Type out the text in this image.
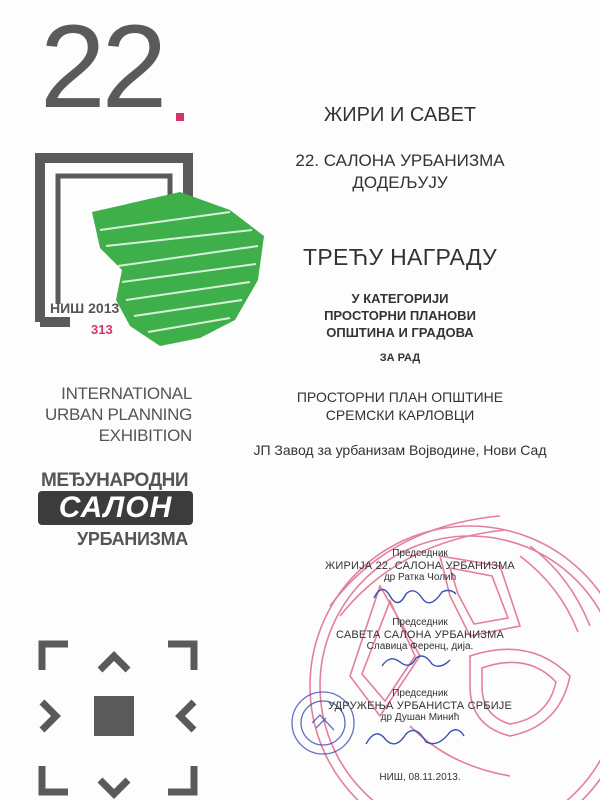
22
НИШ 2013
313
INTERNATIONAL
URBAN PLANNING
EXHIBITION
МЕЂУНАРОДНИ
САЛОН
УРБАНИЗМА
ЖИРИ И САВЕТ
22. САЛОНА УРБАНИЗМА
ДОДЕЉУЈУ
ТРЕЋУ НАГРАДУ
У КАТЕГОРИЈИ
ПРОСТОРНИ ПЛАНОВИ
ОПШТИНА И ГРАДОВА
ЗА РАД
ПРОСТОРНИ ПЛАН ОПШТИНЕ
СРЕМСКИ КАРЛОВЦИ
ЈП Завод за урбанизам Војводине, Нови Сад
Председник
ЖИРИЈА 22. САЛОНА УРБАНИЗМА
др Ратка Чолић
Председник
САВЕТА САЛОНА УРБАНИЗМА
Славица Ференц, дија.
Председник
УДРУЖЕЊА УРБАНИСТА СРБИЈЕ
др Душан Минић
НИШ, 08.11.2013.
